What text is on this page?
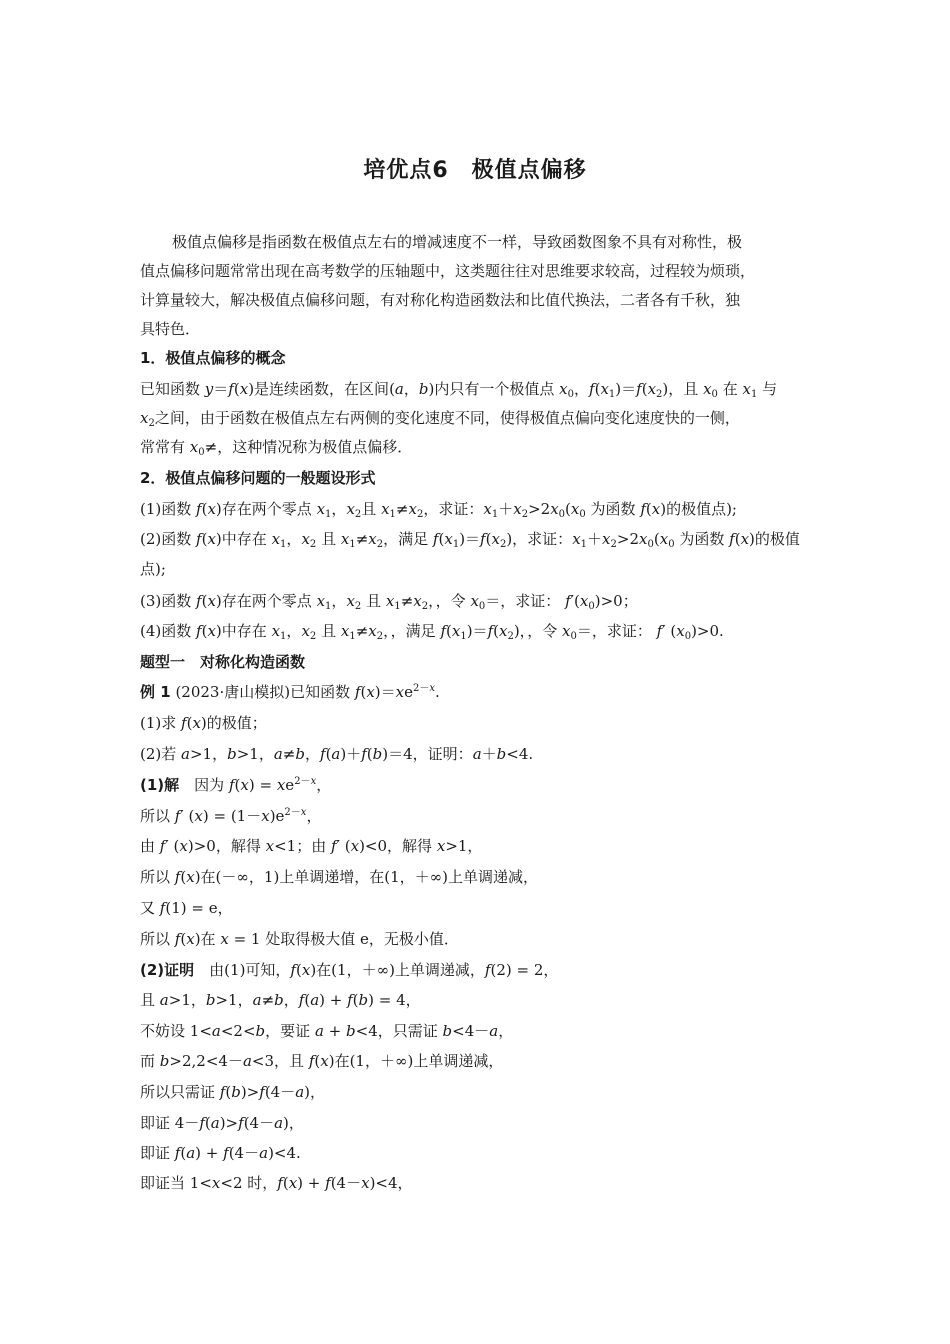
培优点6　极值点偏移
极值点偏移是指函数在极值点左右的增减速度不一样，导致函数图象不具有对称性，极
值点偏移问题常常出现在高考数学的压轴题中，这类题往往对思维要求较高，过程较为烦琐，
计算量较大，解决极值点偏移问题，有对称化构造函数法和比值代换法，二者各有千秋，独
具特色．
1．极值点偏移的概念
已知函数 y＝f(x)是连续函数，在区间(a，b)内只有一个极值点 $x_0$，$f(x_1)=f(x_2)$，且 $x_0$ 在 $x_1$ 与
$x_2$之间，由于函数在极值点左右两侧的变化速度不同，使得极值点偏向变化速度快的一侧，
常常有 $x_0\ne$，这种情况称为极值点偏移．
2．极值点偏移问题的一般题设形式
(1)函数 f(x)存在两个零点 $x_1$，$x_2$且 $x_1\ne x_2$，求证：$x_1+x_2>2x_0(x_0$ 为函数 f(x)的极值点);
(2)函数 f(x)中存在 $x_1$，$x_2$ 且 $x_1\ne x_2$，满足 $f(x_1)=f(x_2)$，求证：$x_1+x_2>2x_0(x_0$ 为函数 f(x)的极值
点);
(3)函数 f(x)存在两个零点 $x_1$，$x_2$ 且 $x_1\ne x_2$，，令 $x_0=$，求证： $f'(x_0)>0$；
(4)函数 f(x)中存在 $x_1$，$x_2$ 且 $x_1\ne x_2$，，满足 $f(x_1)=f(x_2)$，，令 $x_0=$，求证： f′ $(x_0)>0$.
题型一　对称化构造函数
例 1 (2023·唐山模拟)已知函数 $f(x)=xe^{2-x}$.
(1)求 f(x)的极值；
(2)若 a>1，b>1，a≠b，f(a)＋f(b)＝4，证明：a＋b<4.
(1)解　 因为 $f(x) = xe^{2-x}$，
所以 f′ $(x) = (1-x)e^{2-x}$，
由 f′ (x)>0，解得 x<1；由 f′ (x)<0，解得 x>1，
所以 f(x)在(－∞，1)上单调递增，在(1，＋∞)上单调递减，
又 f(1) = e，
所以 f(x)在 x = 1 处取得极大值 e，无极小值．
(2)证明　 由(1)可知，f(x)在(1，＋∞)上单调递减，f(2) = 2，
且 a>1，b>1，a≠b，f(a) + f(b) = 4，
不妨设 1<a<2<b，要证 a + b<4，只需证 b<4－a，
而 b>2,2<4－a<3，且 f(x)在(1，＋∞)上单调递减，
所以只需证 f(b)>f(4－a)，
即证 4－f(a)>f(4－a)，
即证 f(a) + f(4－a)<4.
即证当 1<x<2 时，f(x) + f(4－x)<4，
